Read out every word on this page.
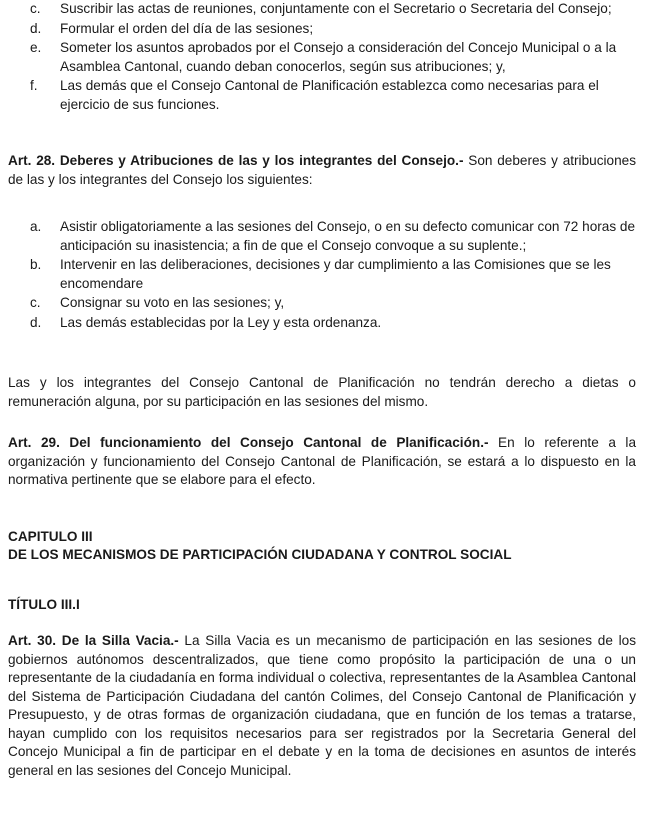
c.	Suscribir las actas de reuniones, conjuntamente con el Secretario o Secretaria del Consejo;
d.	Formular el orden del día de las sesiones;
e.	Someter los asuntos aprobados por el Consejo a consideración del Concejo Municipal o a la Asamblea Cantonal, cuando deban conocerlos, según sus atribuciones; y,
f.	Las demás que el Consejo Cantonal de Planificación establezca como necesarias para el ejercicio de sus funciones.

Art. 28. Deberes y Atribuciones de las y los integrantes del Consejo.- Son deberes y atribuciones de las y los integrantes del Consejo los siguientes:

a.	Asistir obligatoriamente a las sesiones del Consejo, o en su defecto comunicar con 72 horas de anticipación su inasistencia; a fin de que el Consejo convoque a su suplente.;
b.	Intervenir en las deliberaciones, decisiones y dar cumplimiento a las Comisiones que se les encomendare
c.	Consignar su voto en las sesiones; y,
d.	Las demás establecidas por la Ley y esta ordenanza.

Las y los integrantes del Consejo Cantonal de Planificación no tendrán derecho a dietas o remuneración alguna, por su participación en las sesiones del mismo.

Art. 29. Del funcionamiento del Consejo Cantonal de Planificación.- En lo referente a la organización y funcionamiento del Consejo Cantonal de Planificación, se estará a lo dispuesto en la normativa pertinente que se elabore para el efecto.

CAPITULO III
DE LOS MECANISMOS DE PARTICIPACIÓN CIUDADANA Y CONTROL SOCIAL
TÍTULO III.I

Art. 30. De la Silla Vacia.- La Silla Vacia es un mecanismo de participación en las sesiones de los gobiernos autónomos descentralizados, que tiene como propósito la participación de una o un representante de la ciudadanía en forma individual o colectiva, representantes de la Asamblea Cantonal del Sistema de Participación Ciudadana del cantón Colimes, del Consejo Cantonal de Planificación y Presupuesto, y de otras formas de organización ciudadana, que en función de los temas a tratarse, hayan cumplido con los requisitos necesarios para ser registrados por la Secretaria General del Concejo Municipal a fin de participar en el debate y en la toma de decisiones en asuntos de interés general en las sesiones del Concejo Municipal.
